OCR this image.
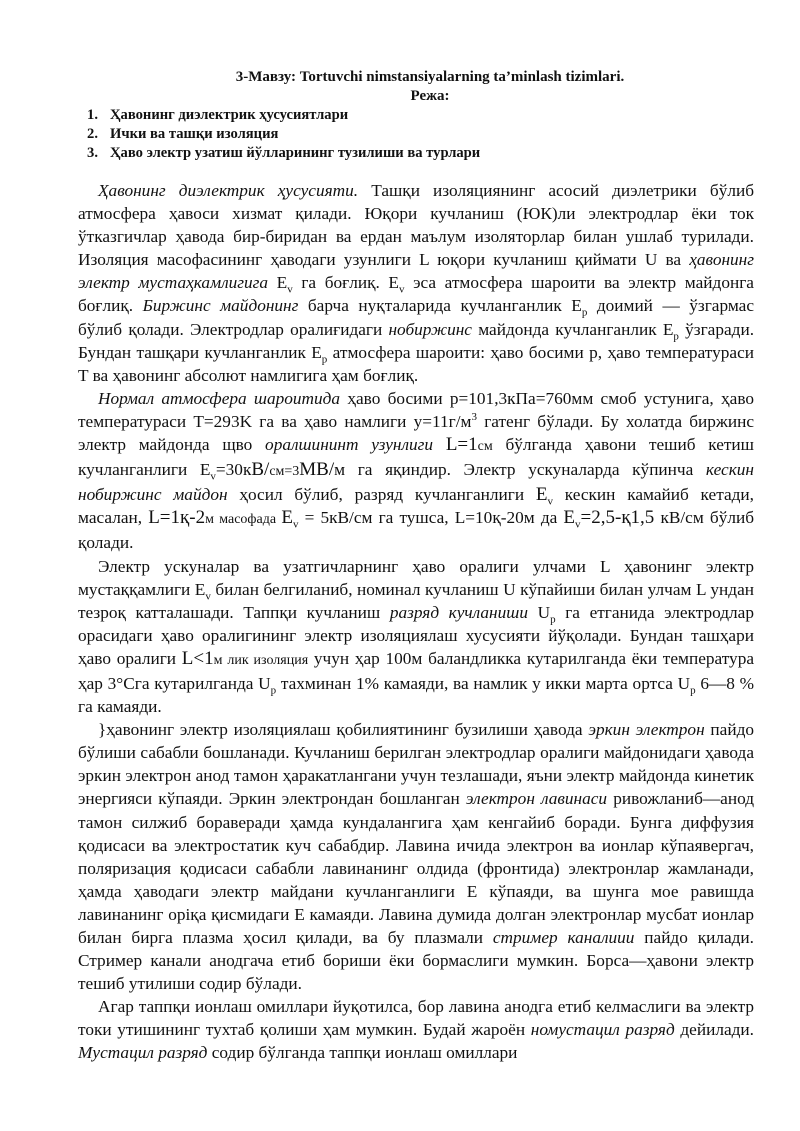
3-Мавзу: Tortuvchi nimstansiyalarning ta’minlash tizimlari.
Режа:
1. Ҳавонинг диэлектрик ҳусусиятлари
2. Ички ва ташқи изоляция
3. Ҳаво электр узатиш йўлларининг тузилиши ва турлари

Ҳавонинг диэлектрик ҳусусияти. Ташқи изоляциянинг асосий диэлетрики бўлиб атмосфера ҳавоси хизмат қилади. Юқори кучланиш (ЮК)ли электродлар ёки ток ўтказгичлар ҳавода бир-биридан ва ердан маълум изоляторлар билан ушлаб турилади. Изоляция масофасининг ҳаводаги узунлиги L юқори кучланиш қиймати U ва ҳавонинг электр мустаҳкамлигига $E_v$ га боғлиқ. $E_v$ эса атмосфера шароити ва электр майдонга боғлиқ. Биржинс майдонинг барча нуқталарида кучланганлик $E_p$ доимий — ўзгармас бўлиб қолади. Электродлар оралиғидаги нобиржинс майдонда кучланганлик $E_p$ ўзгаради. Бундан ташқари кучланганлик $E_p$ атмосфера шароити: ҳаво босими p, ҳаво температураси T ва ҳавонинг абсолют намлигига ҳам боғлиқ.

Нормал атмосфера шароитида ҳаво босими p=101,3кПа=760мм смоб устунига, ҳаво температураси T=293K га ва ҳаво намлиги $y=11г/м^3$ гатенг бўлади. Бу холатда биржинс электр майдонда щво оралшининт узунлиги L=1см бўлганда ҳавони тешиб кетиш кучланганлиги $E_v=30кВ/см=3МВ/м$ га яқиндир. Электр ускуналарда кўпинча кескин нобиржинс майдон ҳосил бўлиб, разряд кучланганлиги $E_v$ кескин камайиб кетади, масалан, L=1қ-2м масофада $E_v = 5кВ/см$ га тушса, L=10қ-20м да $E_v=2,5-қ1,5$ кВ/см бўлиб қолади.

Электр ускуналар ва узатгичларнинг ҳаво оралиги улчами L ҳавонинг электр мустаққамлиги $E_v$ билан белгиланиб, номинал кучланиш U кўпайиши билан улчам L ундан тезроқ катталашади. Таппқи кучланиш разряд кучланиши $U_p$ га етганида электродлар орасидаги ҳаво оралигининг электр изоляциялаш хусусияти йўқолади. Бундан ташҳари ҳаво оралиги L<1м лик изоляция учун ҳар 100м баландликка кутарилганда ёки температура ҳар 3°Cга кутарилганда $U_p$ тахминан 1% камаяди, ва намлик у икки марта ортса $U_p$ 6—8 % га камаяди.

}ҳавонинг электр изоляциялаш қобилиятининг бузилиши ҳавода эркин электрон пайдо бўлиши сабабли бошланади. Кучланиш берилган электродлар оралиги майдонидаги ҳавода эркин электрон анод тамон ҳаракатлангани учун тезлашади, яъни электр майдонда кинетик энергияси кўпаяди. Эркин электрондан бошланган электрон лавинаси ривожланиб—анод тамон силжиб бораверади ҳамда кундалангига ҳам кенгайиб боради. Бунга диффузия қодисаси ва электростатик куч сабабдир. Лавина ичида электрон ва ионлар кўпаявергач, поляризация қодисаси сабабли лавинанинг олдида (фронтида) электронлар жамланади, ҳамда ҳаводаги электр майдани кучланганлиги E кўпаяди, ва шунга мое равишда лавинанинг орiқа қисмидаги E камаяди. Лавина думида долган электронлар мусбат ионлар билан бирга плазма ҳосил қилади, ва бу плазмали стример каналиии пайдо қилади. Стример канали анодгача етиб бориши ёки бормаслиги мумкин. Борса—ҳавони электр тешиб утилиши содир бўлади.

Агар таппқи ионлаш омиллари йуқотилса, бор лавина анодга етиб келмаслиги ва электр токи утишининг тухтаб қолиши ҳам мумкин. Будай жароён номустацил разряд дейилади. Мустацил разряд содир бўлганда таппқи ионлаш омиллари
